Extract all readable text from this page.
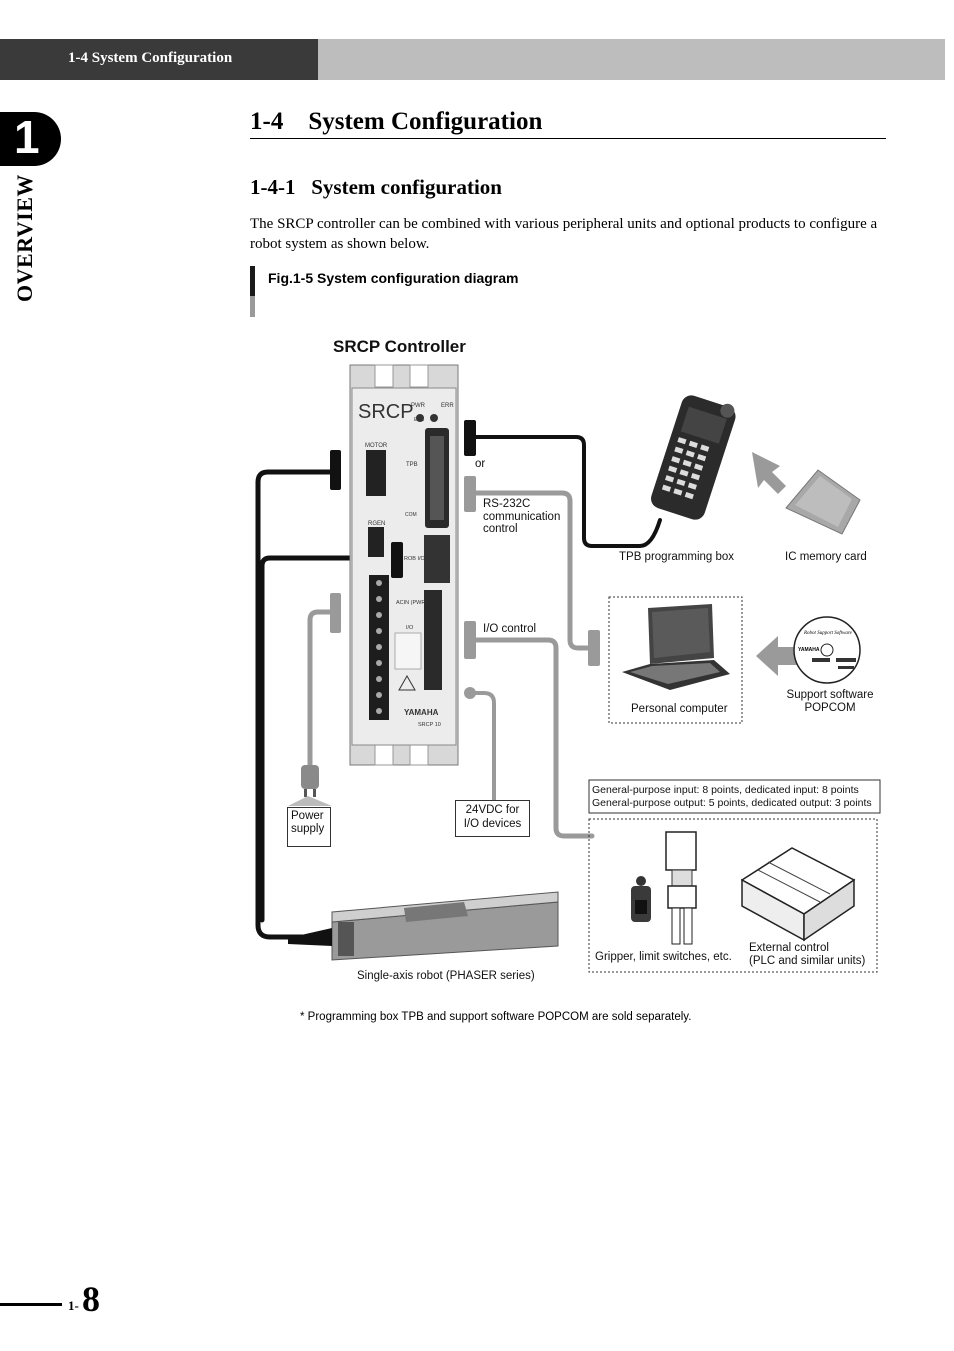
1-4 System Configuration
1
OVERVIEW
1-4    System Configuration
1-4-1   System configuration
The SRCP controller can be combined with various peripheral units and optional products to configure a robot system as shown below.
Fig.1-5 System configuration diagram
SRCP
PWR	ERR
ESC
MOTOR
TPB
COM
RGEN
ROB I/O
ACIN (PWR)
I/O
YAMAHA
SRCP 10
Robot Support Software
YAMAHA
SRCP Controller
or
RS-232C
communication
control
I/O control
TPB programming box	IC memory card
Personal computer
Support software
POPCOM
Power
supply
24VDC for
I/O devices
General-purpose input: 8 points, dedicated input: 8 points
General-purpose output: 5 points, dedicated output: 3 points
Gripper, limit switches, etc.
External control
(PLC and similar units)
Single-axis robot (PHASER series)
* Programming box TPB and support software POPCOM are sold separately.
1- 8
